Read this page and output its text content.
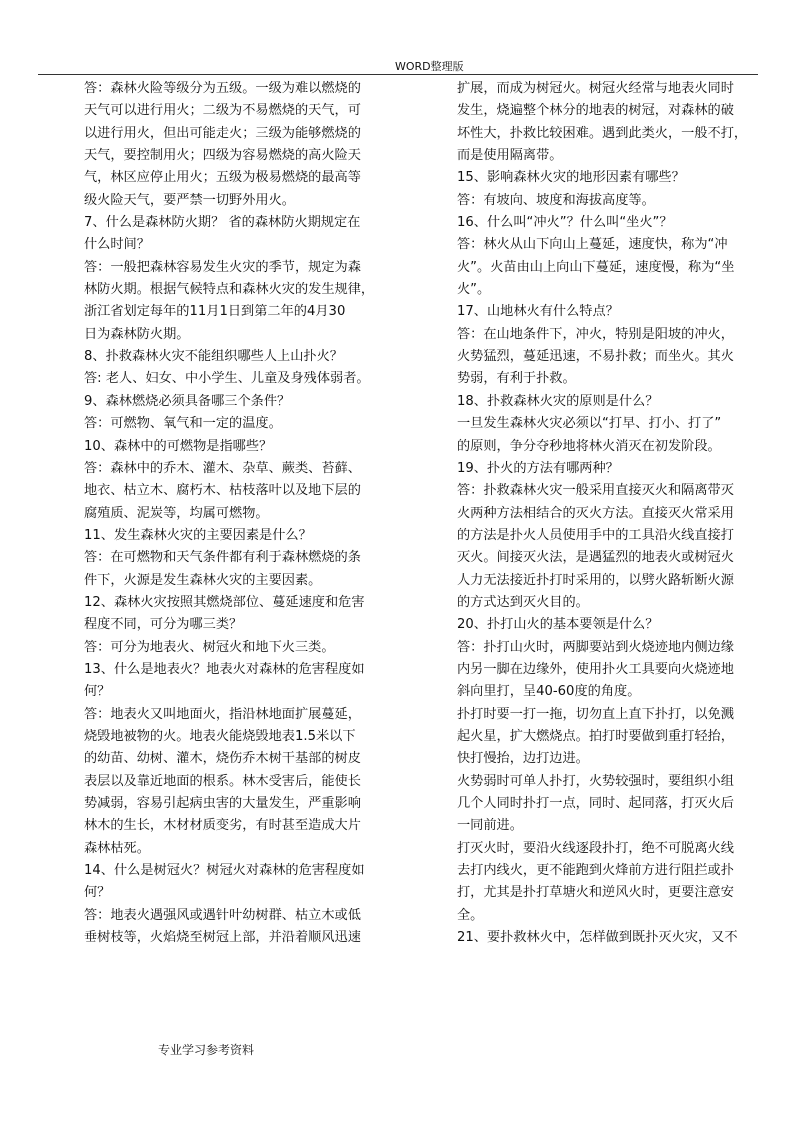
WORD整理版
答：森林火险等级分为五级。一级为难以燃烧的
天气可以进行用火；二级为不易燃烧的天气，可
以进行用火，但出可能走火；三级为能够燃烧的
天气，要控制用火；四级为容易燃烧的高火险天
气，林区应停止用火；五级为极易燃烧的最高等
级火险天气，要严禁一切野外用火。
7、什么是森林防火期？ 省的森林防火期规定在
什么时间？
答：一般把森林容易发生火灾的季节，规定为森
林防火期。根据气候特点和森林火灾的发生规律，
浙江省划定每年的11月1日到第二年的4月30
日为森林防火期。
8、扑救森林火灾不能组织哪些人上山扑火？
答: 老人、妇女、中小学生、儿童及身残体弱者。
9、森林燃烧必须具备哪三个条件？
答：可燃物、氧气和一定的温度。
10、森林中的可燃物是指哪些？
答：森林中的乔木、灌木、杂草、蕨类、苔藓、
地衣、枯立木、腐朽木、枯枝落叶以及地下层的
腐殖质、泥炭等，均属可燃物。
11、发生森林火灾的主要因素是什么？
答：在可燃物和天气条件都有利于森林燃烧的条
件下，火源是发生森林火灾的主要因素。
12、森林火灾按照其燃烧部位、蔓延速度和危害
程度不同，可分为哪三类？
答：可分为地表火、树冠火和地下火三类。
13、什么是地表火？地表火对森林的危害程度如
何？
答：地表火又叫地面火，指沿林地面扩展蔓延，
烧毁地被物的火。地表火能烧毁地表1.5米以下
的幼苗、幼树、灌木，烧伤乔木树干基部的树皮
表层以及靠近地面的根系。林木受害后，能使长
势减弱，容易引起病虫害的大量发生，严重影响
林木的生长，木材材质变劣，有时甚至造成大片
森林枯死。
14、什么是树冠火？树冠火对森林的危害程度如
何？
答：地表火遇强风或遇针叶幼树群、枯立木或低
垂树枝等，火焰烧至树冠上部，并沿着顺风迅速
扩展，而成为树冠火。树冠火经常与地表火同时
发生，烧遍整个林分的地表的树冠，对森林的破
坏性大，扑救比较困难。遇到此类火，一般不打，
而是使用隔离带。
15、影响森林火灾的地形因素有哪些？
答：有坡向、坡度和海拔高度等。
16、什么叫“冲火”？什么叫“坐火”？
答：林火从山下向山上蔓延，速度快，称为“冲
火”。火苗由山上向山下蔓延，速度慢，称为“坐
火”。
17、山地林火有什么特点？
答：在山地条件下，冲火，特别是阳坡的冲火，
火势猛烈，蔓延迅速，不易扑救；而坐火。其火
势弱，有利于扑救。
18、扑救森林火灾的原则是什么？
一旦发生森林火灾必须以“打早、打小、打了”
的原则，争分夺秒地将林火消灭在初发阶段。
19、扑火的方法有哪两种？
答：扑救森林火灾一般采用直接灭火和隔离带灭
火两种方法相结合的灭火方法。直接灭火常采用
的方法是扑火人员使用手中的工具沿火线直接打
灭火。间接灭火法，是遇猛烈的地表火或树冠火
人力无法接近扑打时采用的，以劈火路斩断火源
的方式达到灭火目的。
20、扑打山火的基本要领是什么？
答：扑打山火时，两脚要站到火烧迹地内侧边缘
内另一脚在边缘外，使用扑火工具要向火烧迹地
斜向里打，呈40-60度的角度。
扑打时要一打一拖，切勿直上直下扑打，以免溅
起火星，扩大燃烧点。拍打时要做到重打轻抬，
快打慢抬，边打边进。
火势弱时可单人扑打，火势较强时，要组织小组
几个人同时扑打一点，同时、起同落，打灭火后
一同前进。
打灭火时，要沿火线逐段扑打，绝不可脱离火线
去打内线火，更不能跑到火烽前方进行阻拦或扑
打，尤其是扑打草塘火和逆风火时，更要注意安
全。
21、要扑救林火中，怎样做到既扑灭火灾，又不
专业学习参考资料
